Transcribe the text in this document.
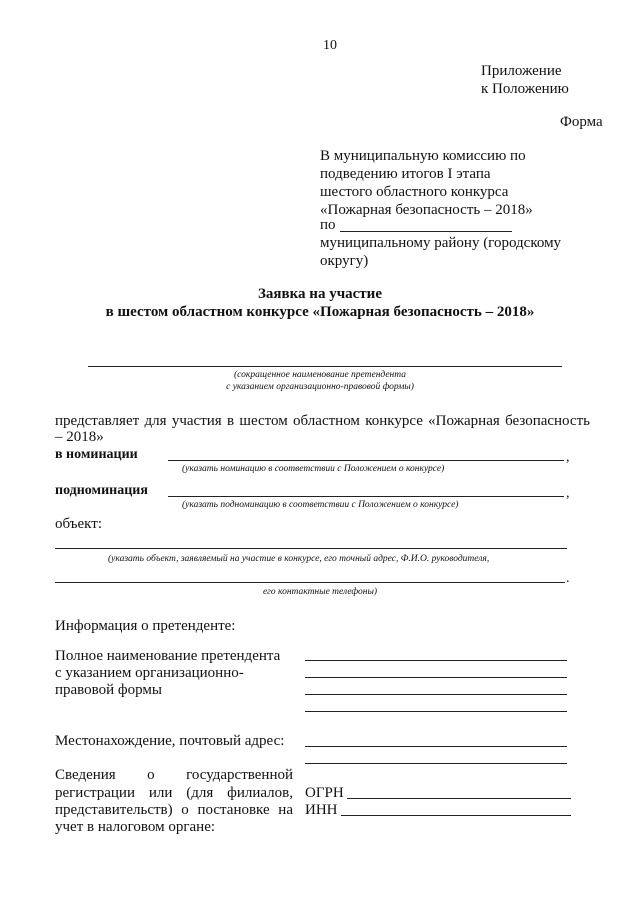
10
Приложение
к Положению
Форма
В муниципальную комиссию по
подведению итогов I этапа
шестого областного конкурса
«Пожарная безопасность – 2018»
по
муниципальному району (городскому
округу)
Заявка на участие
в шестом областном конкурсе «Пожарная безопасность – 2018»
(сокращенное наименование претендента
с указанием организационно-правовой формы)
представляет для участия в шестом областном конкурсе «Пожарная безопасность
– 2018»
в номинации	,
(указать номинацию в соответствии с Положением о конкурсе)
подноминация	,
(указать подноминацию в соответствии с Положением о конкурсе)
объект:
(указать объект, заявляемый на участие в конкурсе, его точный адрес, Ф.И.О. руководителя,
.
его контактные телефоны)
Информация о претенденте:
Полное наименование претендента
с указанием организационно-
правовой формы
Местонахождение, почтовый адрес:
Сведения о государственной
регистрации или (для филиалов,
представительств) о постановке на
учет в налоговом органе:
ОГРН
ИНН
